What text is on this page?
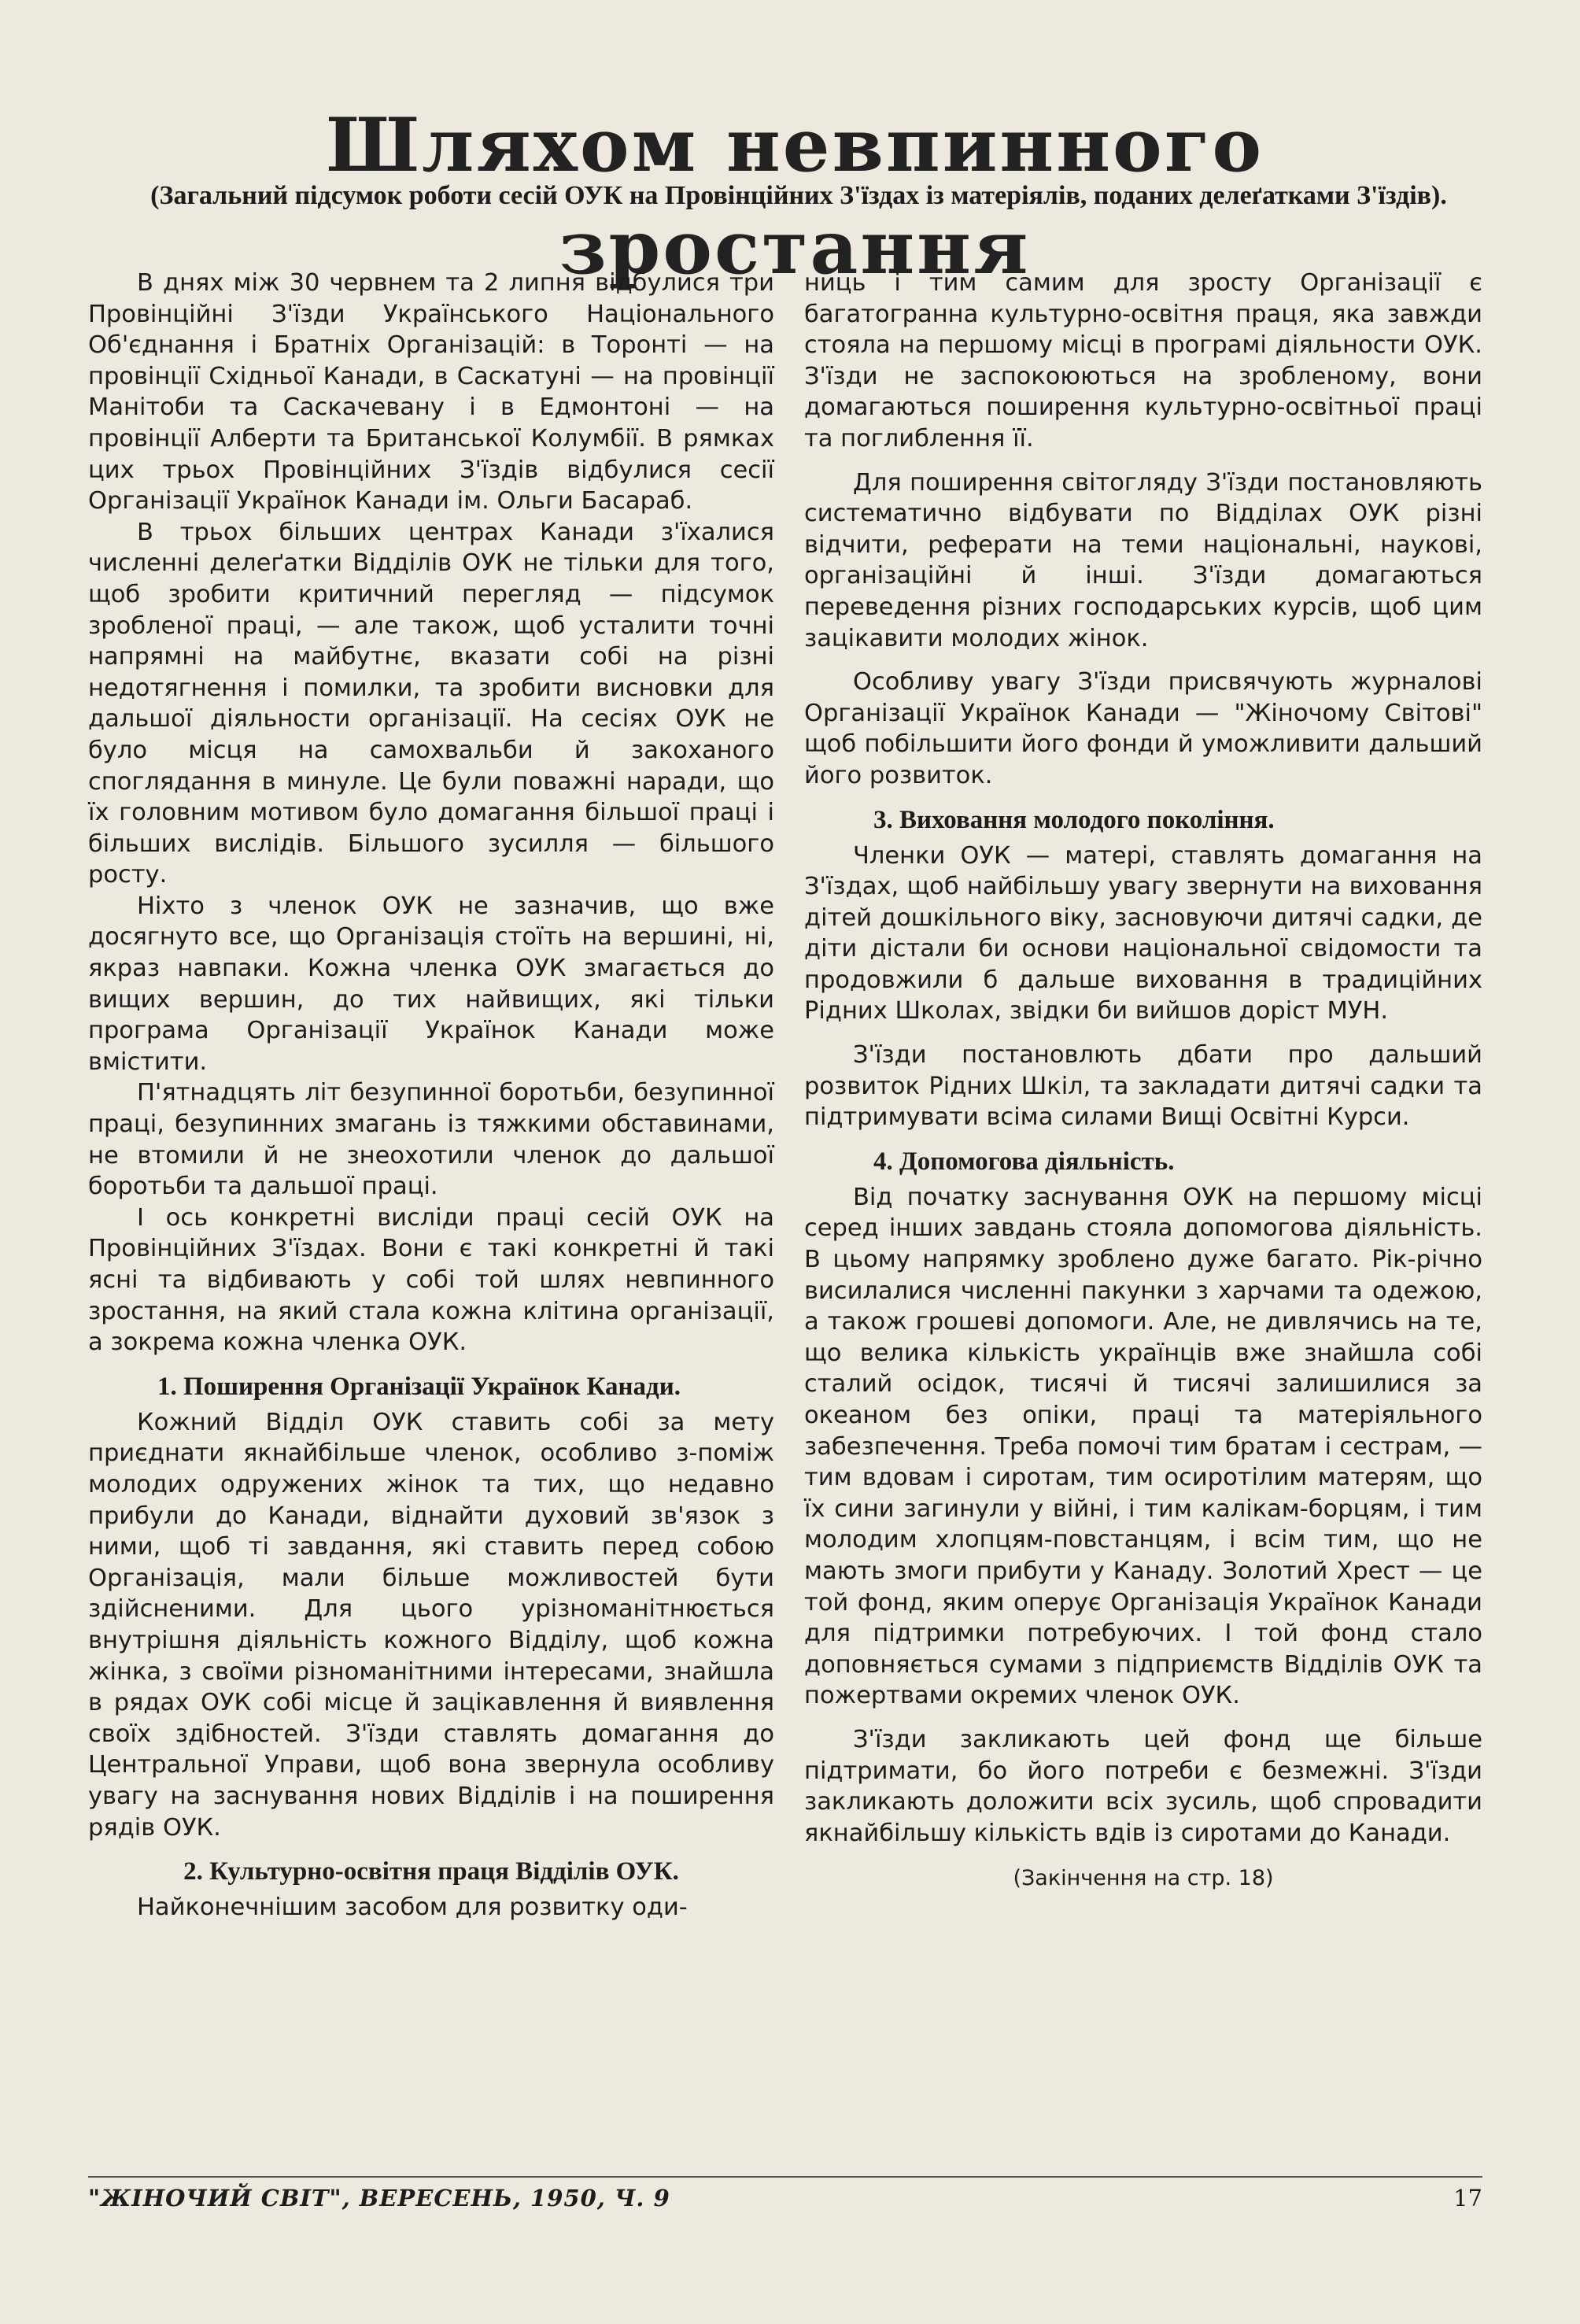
Шляхом невпинного зростання

(Загальний підсумок роботи сесій ОУК на Провінційних З'їздах із матеріялів, поданих делеґатками З'їздів).

В днях між 30 червнем та 2 липня відбулися три Провінційні З'їзди Українського Національного Об'єднання і Братніх Організацій: в Торонті — на провінції Східньої Канади, в Саскатуні — на провінції Манітоби та Саскачевану і в Едмонтоні — на провінції Алберти та Британської Колумбії. В рямках цих трьох Провінційних З'їздів відбулися сесії Організації Українок Канади ім. Ольги Басараб.

В трьох більших центрах Канади з'їхалися численні делеґатки Відділів ОУК не тільки для того, щоб зробити критичний перегляд — підсумок зробленої праці, — але також, щоб усталити точні напрямні на майбутнє, вказати собі на різні недотягнення і помилки, та зробити висновки для дальшої діяльности організації. На сесіях ОУК не було місця на самохвальби й закоханого споглядання в минуле. Це були поважні наради, що їх головним мотивом було домагання більшої праці і більших вислідів. Більшого зусилля — більшого росту.

Ніхто з членок ОУК не зазначив, що вже досягнуто все, що Організація стоїть на вершині, ні, якраз навпаки. Кожна членка ОУК змагається до вищих вершин, до тих найвищих, які тільки програма Організації Українок Канади може вмістити.

П'ятнадцять літ безупинної боротьби, безупинної праці, безупинних змагань із тяжкими обставинами, не втомили й не знеохотили членок до дальшої боротьби та дальшої праці.

І ось конкретні висліди праці сесій ОУК на Провінційних З'їздах. Вони є такі конкретні й такі ясні та відбивають у собі той шлях невпинного зростання, на який стала кожна клітина організації, а зокрема кожна членка ОУК.

1. Поширення Організації Українок Канади.

Кожний Відділ ОУК ставить собі за мету приєднати якнайбільше членок, особливо з-поміж молодих одружених жінок та тих, що недавно прибули до Канади, віднайти духовий зв'язок з ними, щоб ті завдання, які ставить перед собою Організація, мали більше можливостей бути здійсненими. Для цього урізноманітнюється внутрішня діяльність кожного Відділу, щоб кожна жінка, з своїми різноманітними інтересами, знайшла в рядах ОУК собі місце й зацікавлення й виявлення своїх здібностей. З'їзди ставлять домагання до Центральної Управи, щоб вона звернула особливу увагу на заснування нових Відділів і на поширення рядів ОУК.

2. Культурно-освітня праця Відділів ОУК.

Найконечнішим засобом для розвитку оди-

ниць і тим самим для зросту Організації є багатогранна культурно-освітня праця, яка завжди стояла на першому місці в програмі діяльности ОУК. З'їзди не заспокоюються на зробленому, вони домагаються поширення культурно-освітньої праці та поглиблення її.

Для поширення світогляду З'їзди постановляють систематично відбувати по Відділах ОУК різні відчити, реферати на теми національні, наукові, організаційні й інші. З'їзди домагаються переведення різних господарських курсів, щоб цим зацікавити молодих жінок.

Особливу увагу З'їзди присвячують журналові Організації Українок Канади — "Жіночому Світові" щоб побільшити його фонди й уможливити дальший його розвиток.

3. Виховання молодого покоління.

Членки ОУК — матері, ставлять домагання на З'їздах, щоб найбільшу увагу звернути на виховання дітей дошкільного віку, засновуючи дитячі садки, де діти дістали би основи національної свідомости та продовжили б дальше виховання в традиційних Рідних Школах, звідки би вийшов доріст МУН.

З'їзди постановлють дбати про дальший розвиток Рідних Шкіл, та закладати дитячі садки та підтримувати всіма силами Вищі Освітні Курси.

4. Допомогова діяльність.

Від початку заснування ОУК на першому місці серед інших завдань стояла допомогова діяльність. В цьому напрямку зроблено дуже багато. Рік-річно висилалися численні пакунки з харчами та одежою, а також грошеві допомоги. Але, не дивлячись на те, що велика кількість українців вже знайшла собі сталий осідок, тисячі й тисячі залишилися за океаном без опіки, праці та матеріяльного забезпечення. Треба помочі тим братам і сестрам, — тим вдовам і сиротам, тим осиротілим матерям, що їх сини загинули у війні, і тим калікам-борцям, і тим молодим хлопцям-повстанцям, і всім тим, що не мають змоги прибути у Канаду. Золотий Хрест — це той фонд, яким оперує Організація Українок Канади для підтримки потребуючих. І той фонд стало доповняється сумами з підприємств Відділів ОУК та пожертвами окремих членок ОУК.

З'їзди закликають цей фонд ще більше підтримати, бо його потреби є безмежні. З'їзди закликають доложити всіх зусиль, щоб спровадити якнайбільшу кількість вдів із сиротами до Канади.

(Закінчення на стр. 18)
"ЖІНОЧИЙ СВІТ", ВЕРЕСЕНЬ, 1950, Ч. 9	17
